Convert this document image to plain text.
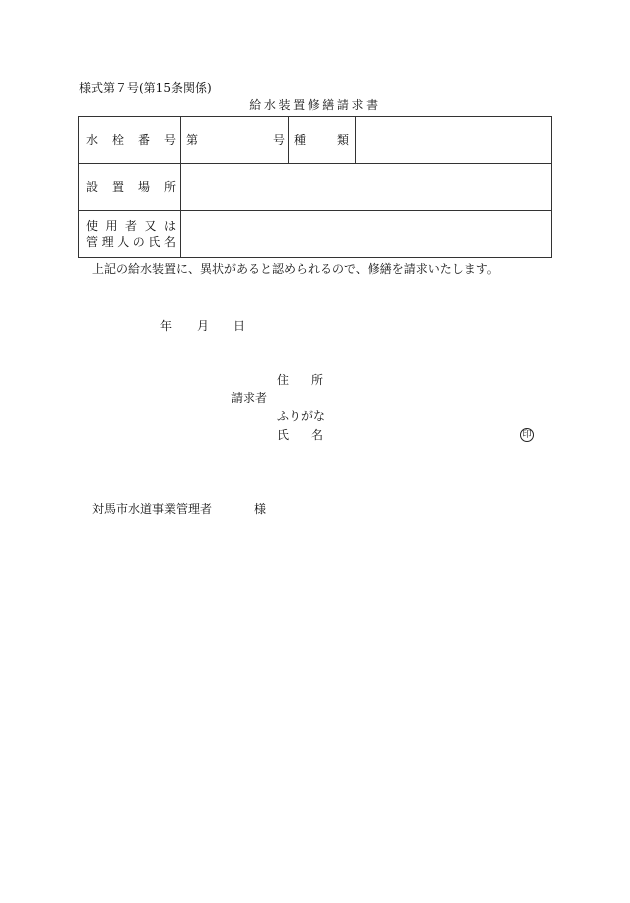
様式第７号(第15条関係)
給水装置修繕請求書
水 栓 番 号 第	号 種	類
設 置 場 所
使 用 者 又 は
管 理 人 の 氏 名
上記の給水装置に、異状があると認められるので、修繕を請求いたします。
年 月 日
住 所
請求者
ふりがな
氏 名	印
対馬市水道事業管理者	様
